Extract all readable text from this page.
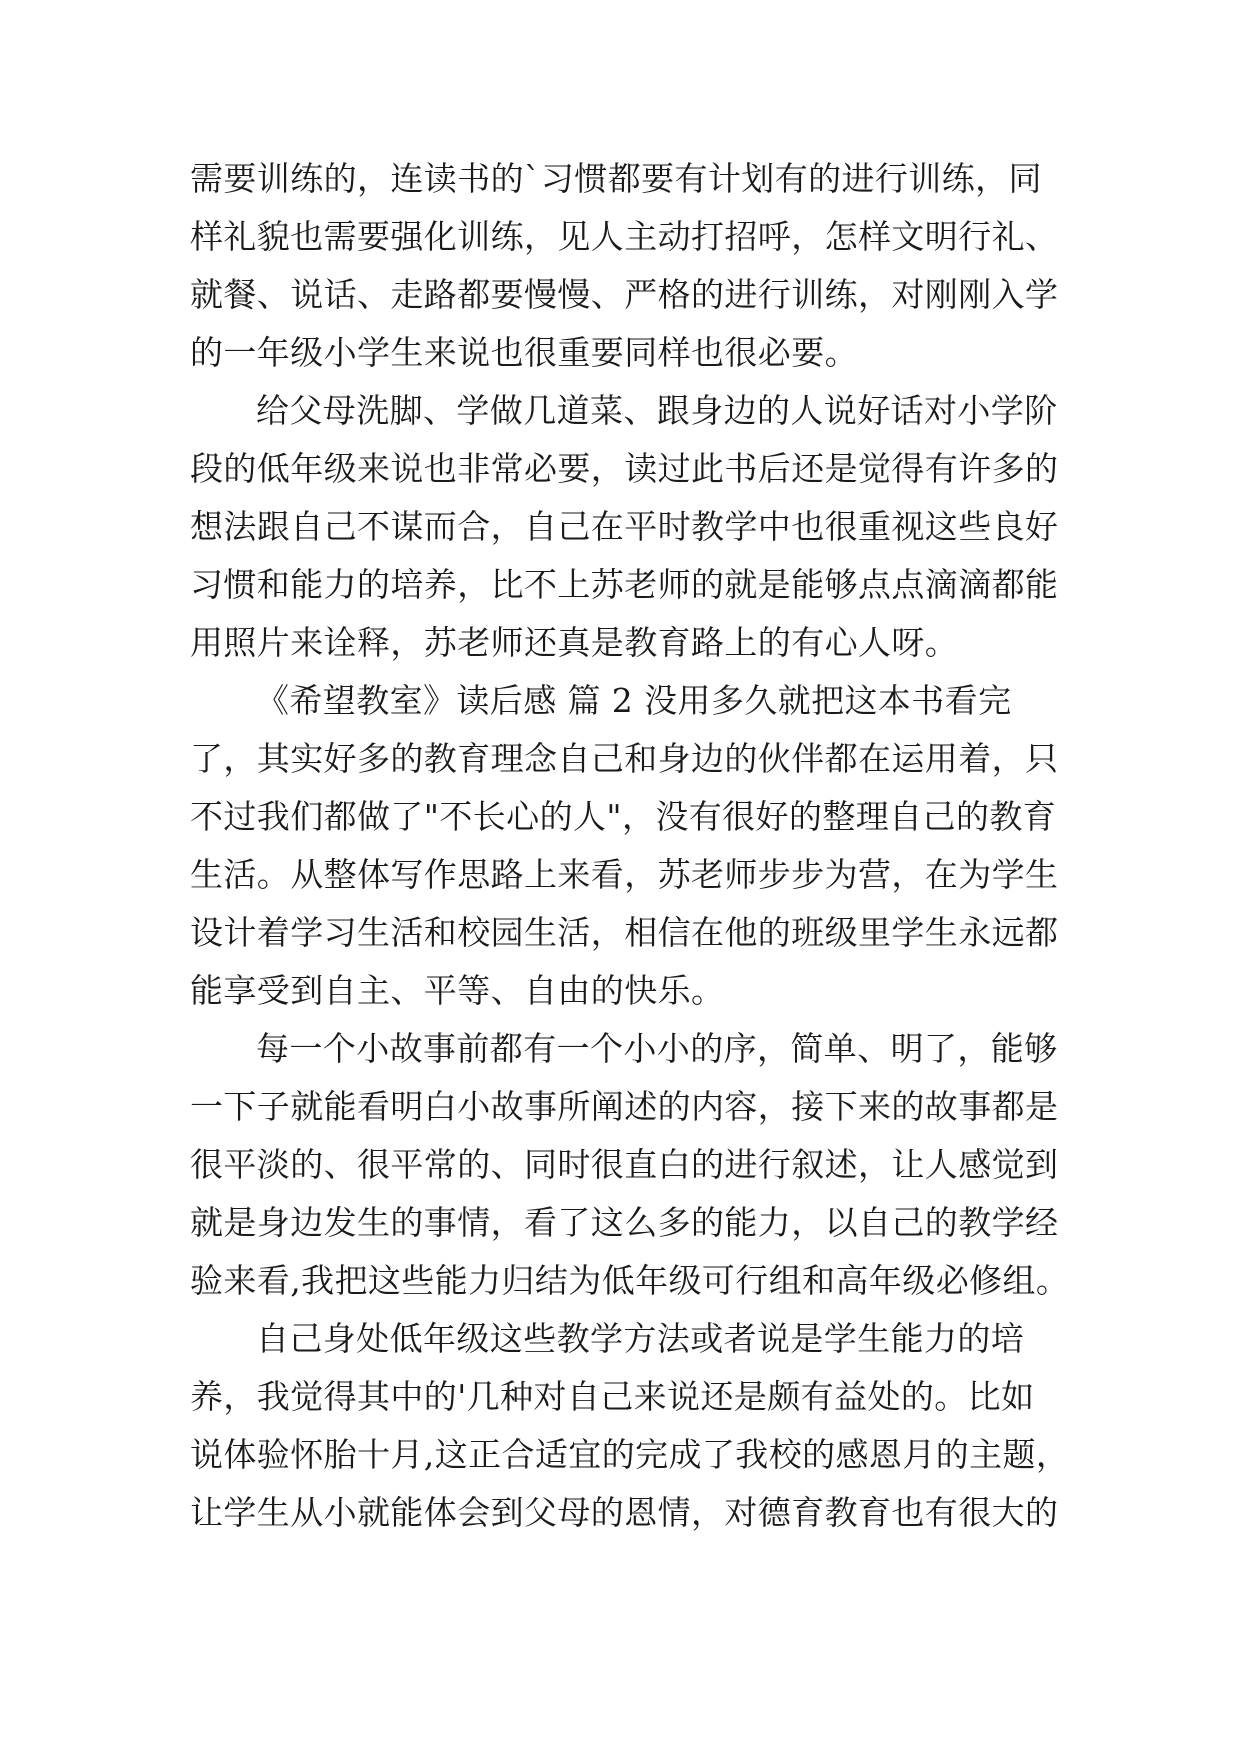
需要训练的，连读书的`习惯都要有计划有的进行训练，同
样礼貌也需要强化训练，见人主动打招呼，怎样文明行礼、
就餐、说话、走路都要慢慢、严格的进行训练，对刚刚入学
的一年级小学生来说也很重要同样也很必要。
给父母洗脚、学做几道菜、跟身边的人说好话对小学阶
段的低年级来说也非常必要，读过此书后还是觉得有许多的
想法跟自己不谋而合，自己在平时教学中也很重视这些良好
习惯和能力的培养，比不上苏老师的就是能够点点滴滴都能
用照片来诠释，苏老师还真是教育路上的有心人呀。
《希望教室》读后感 篇 2 没用多久就把这本书看完
了，其实好多的教育理念自己和身边的伙伴都在运用着，只
不过我们都做了"不长心的人"，没有很好的整理自己的教育
生活。从整体写作思路上来看，苏老师步步为营，在为学生
设计着学习生活和校园生活，相信在他的班级里学生永远都
能享受到自主、平等、自由的快乐。
每一个小故事前都有一个小小的序，简单、明了，能够
一下子就能看明白小故事所阐述的内容，接下来的故事都是
很平淡的、很平常的、同时很直白的进行叙述，让人感觉到
就是身边发生的事情，看了这么多的能力，以自己的教学经
验来看,我把这些能力归结为低年级可行组和高年级必修组。
自己身处低年级这些教学方法或者说是学生能力的培
养，我觉得其中的'几种对自己来说还是颇有益处的。比如
说体验怀胎十月,这正合适宜的完成了我校的感恩月的主题，
让学生从小就能体会到父母的恩情，对德育教育也有很大的
